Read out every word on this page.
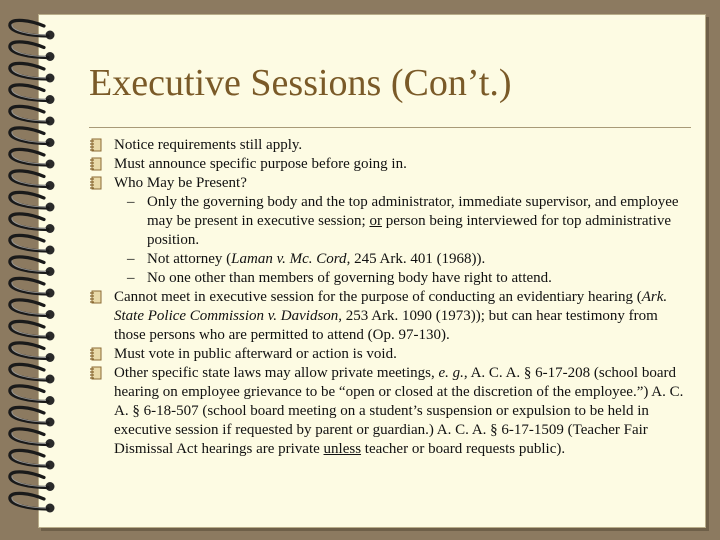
Executive Sessions (Con’t.)
Notice requirements still apply.
Must announce specific purpose before going in.
Who May be Present?
– Only the governing body and the top administrator, immediate supervisor, and employee may be present in executive session; or person being interviewed for top administrative position.
– Not attorney (Laman v. Mc. Cord, 245 Ark. 401 (1968)).
– No one other than members of governing body have right to attend.
Cannot meet in executive session for the purpose of conducting an evidentiary hearing (Ark. State Police Commission v. Davidson, 253 Ark. 1090 (1973)); but can hear testimony from those persons who are permitted to attend (Op. 97-130).
Must vote in public afterward or action is void.
Other specific state laws may allow private meetings, e. g., A. C. A. § 6-17-208 (school board hearing on employee grievance to be “open or closed at the discretion of the employee.”) A. C. A. § 6-18-507 (school board meeting on a student’s suspension or expulsion to be held in executive session if requested by parent or guardian.) A. C. A. § 6-17-1509 (Teacher Fair Dismissal Act hearings are private unless teacher or board requests public).
